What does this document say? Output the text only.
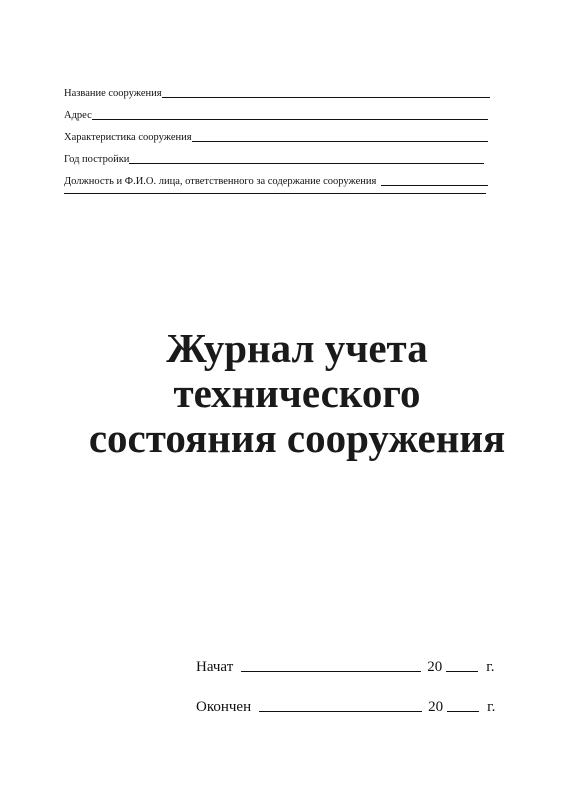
Название сооружения
Адрес
Характеристика сооружения
Год постройки
Должность и Ф.И.О. лица, ответственного за содержание сооружения
Журнал учета
технического
состояния сооружения
Начат	20	г.
Окончен	20	г.
